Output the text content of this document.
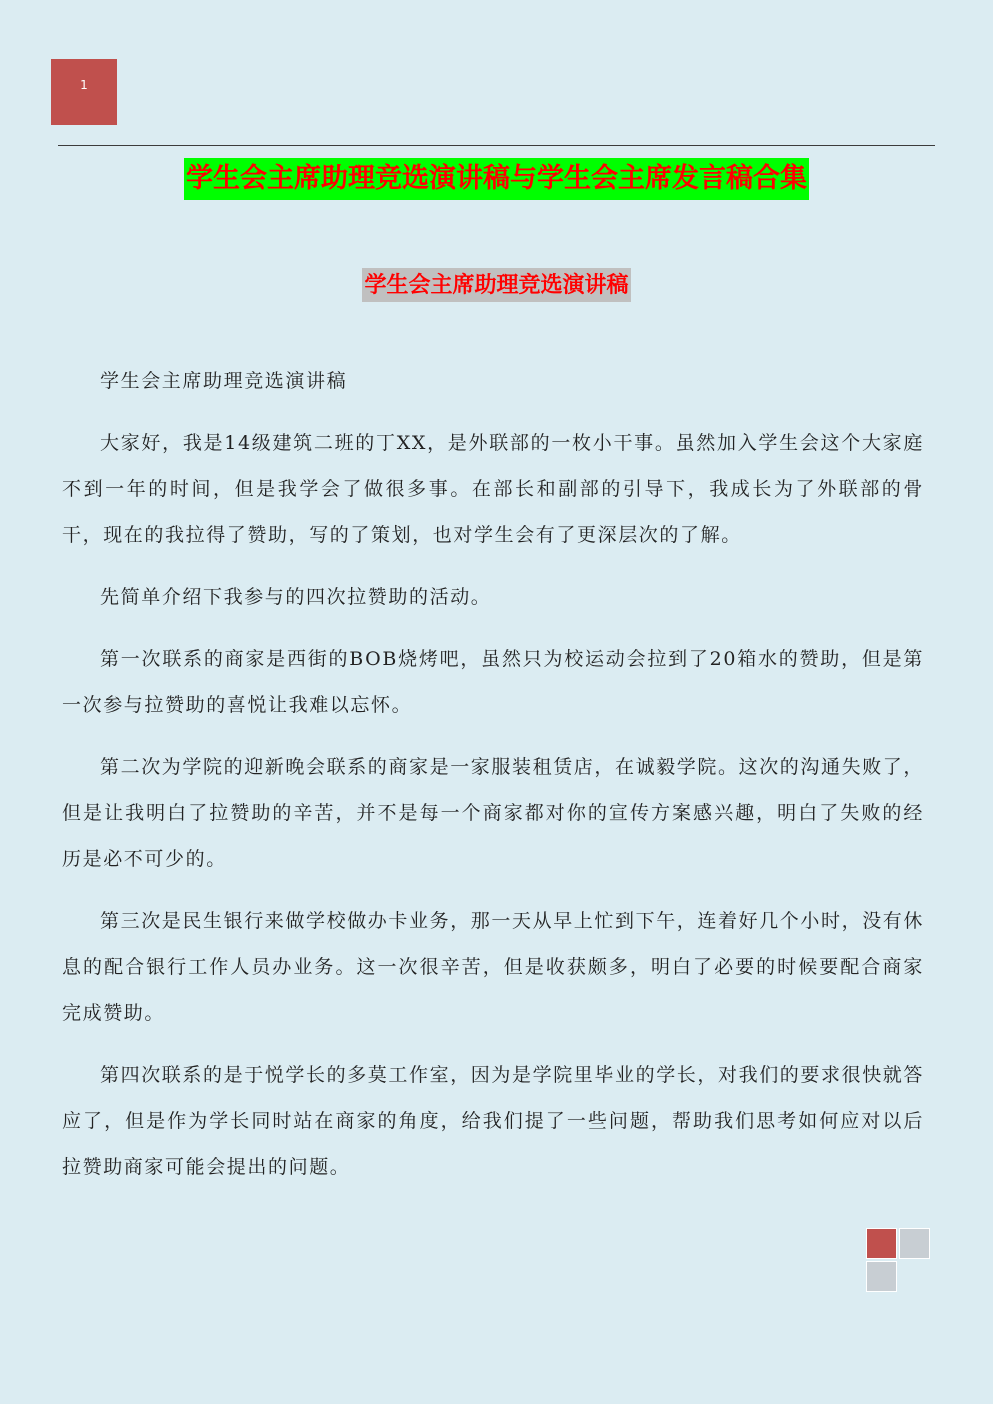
1
学生会主席助理竞选演讲稿与学生会主席发言稿合集
学生会主席助理竞选演讲稿

学生会主席助理竞选演讲稿

大家好，我是14级建筑二班的丁XX，是外联部的一枚小干事。虽然加入学生会这个大家庭不到一年的时间，但是我学会了做很多事。在部长和副部的引导下，我成长为了外联部的骨干，现在的我拉得了赞助，写的了策划，也对学生会有了更深层次的了解。

先简单介绍下我参与的四次拉赞助的活动。

第一次联系的商家是西街的BOB烧烤吧，虽然只为校运动会拉到了20箱水的赞助，但是第一次参与拉赞助的喜悦让我难以忘怀。

第二次为学院的迎新晚会联系的商家是一家服装租赁店，在诚毅学院。这次的沟通失败了，但是让我明白了拉赞助的辛苦，并不是每一个商家都对你的宣传方案感兴趣，明白了失败的经历是必不可少的。

第三次是民生银行来做学校做办卡业务，那一天从早上忙到下午，连着好几个小时，没有休息的配合银行工作人员办业务。这一次很辛苦，但是收获颇多，明白了必要的时候要配合商家完成赞助。

第四次联系的是于悦学长的多莫工作室，因为是学院里毕业的学长，对我们的要求很快就答应了，但是作为学长同时站在商家的角度，给我们提了一些问题，帮助我们思考如何应对以后拉赞助商家可能会提出的问题。
